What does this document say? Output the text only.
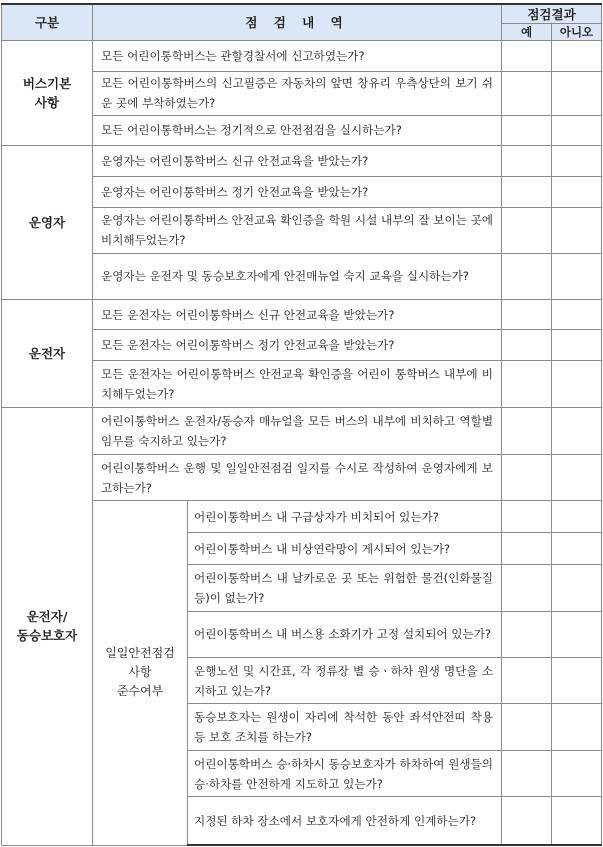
구분	점 검 내 역		점검결과	
			예	아니오
버스기본
사항	모든 어린이통학버스는 관할경찰서에 신고하였는가?			
	모든 어린이통학버스의 신고필증은 자동차의 앞면 창유리 우측상단의 보기 쉬운 곳에 부착하였는가?			
	모든 어린이통학버스는 정기적으로 안전점검을 실시하는가?			
운영자	운영자는 어린이통학버스 신규 안전교육을 받았는가?			
	운영자는 어린이통학버스 정기 안전교육을 받았는가?			
	운영자는 어린이통학버스 안전교육 확인증을 학원 시설 내부의 잘 보이는 곳에 비치해두었는가?			
	운영자는 운전자 및 동승보호자에게 안전매뉴얼 숙지 교육을 실시하는가?			
운전자	모든 운전자는 어린이통학버스 신규 안전교육을 받았는가?			
	모든 운전자는 어린이통학버스 정기 안전교육을 받았는가?			
	모든 운전자는 어린이통학버스 안전교육 확인증을 어린이 통학버스 내부에 비치해두었는가?			
운전자/
동승보호자	어린이통학버스 운전자/동승자 매뉴얼을 모든 버스의 내부에 비치하고 역할별 임무를 숙지하고 있는가?			
	어린이통학버스 운행 및 일일안전점검 일지를 수시로 작성하여 운영자에게 보고하는가?			
	일일안전점검
사항
준수여부	어린이통학버스 내 구급상자가 비치되어 있는가?		
		어린이통학버스 내 비상연락망이 게시되어 있는가?		
		어린이통학버스 내 날카로운 곳 또는 위험한 물건(인화물질 등)이 없는가?		
		어린이통학버스 내 버스용 소화기가 고정 설치되어 있는가?		
		운행노선 및 시간표, 각 정류장 별 승ㆍ하차 원생 명단을 소지하고 있는가?		
		동승보호자는 원생이 자리에 착석한 동안 좌석안전띠 착용 등 보호 조치를 하는가?		
		어린이통학버스 승·하차시 동승보호자가 하차하여 원생들의 승·하차를 안전하게 지도하고 있는가?		
		지정된 하차 장소에서 보호자에게 안전하게 인계하는가?		
